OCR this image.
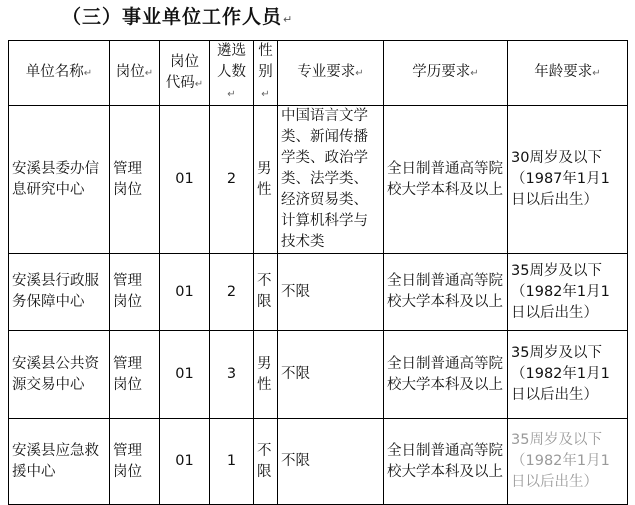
（三）事业单位工作人员↵
单位名称↵	岗位↵	岗位代码↵	遴选人数↵	性别↵	专业要求↵	学历要求↵	年龄要求↵
安溪县委办信息研究中心	管理岗位	01	2	男性	中国语言文学类、新闻传播学类、政治学类、法学类、经济贸易类、计算机科学与技术类	全日制普通高等院校大学本科及以上	30周岁及以下（1987年1月1日以后出生）
安溪县行政服务保障中心	管理岗位	01	2	不限	不限	全日制普通高等院校大学本科及以上	35周岁及以下（1982年1月1日以后出生）
安溪县公共资源交易中心	管理岗位	01	3	男性	不限	全日制普通高等院校大学本科及以上	35周岁及以下（1982年1月1日以后出生）
安溪县应急救援中心	管理岗位	01	1	不限	不限	全日制普通高等院校大学本科及以上	35周岁及以下（1982年1月1日以后出生）
